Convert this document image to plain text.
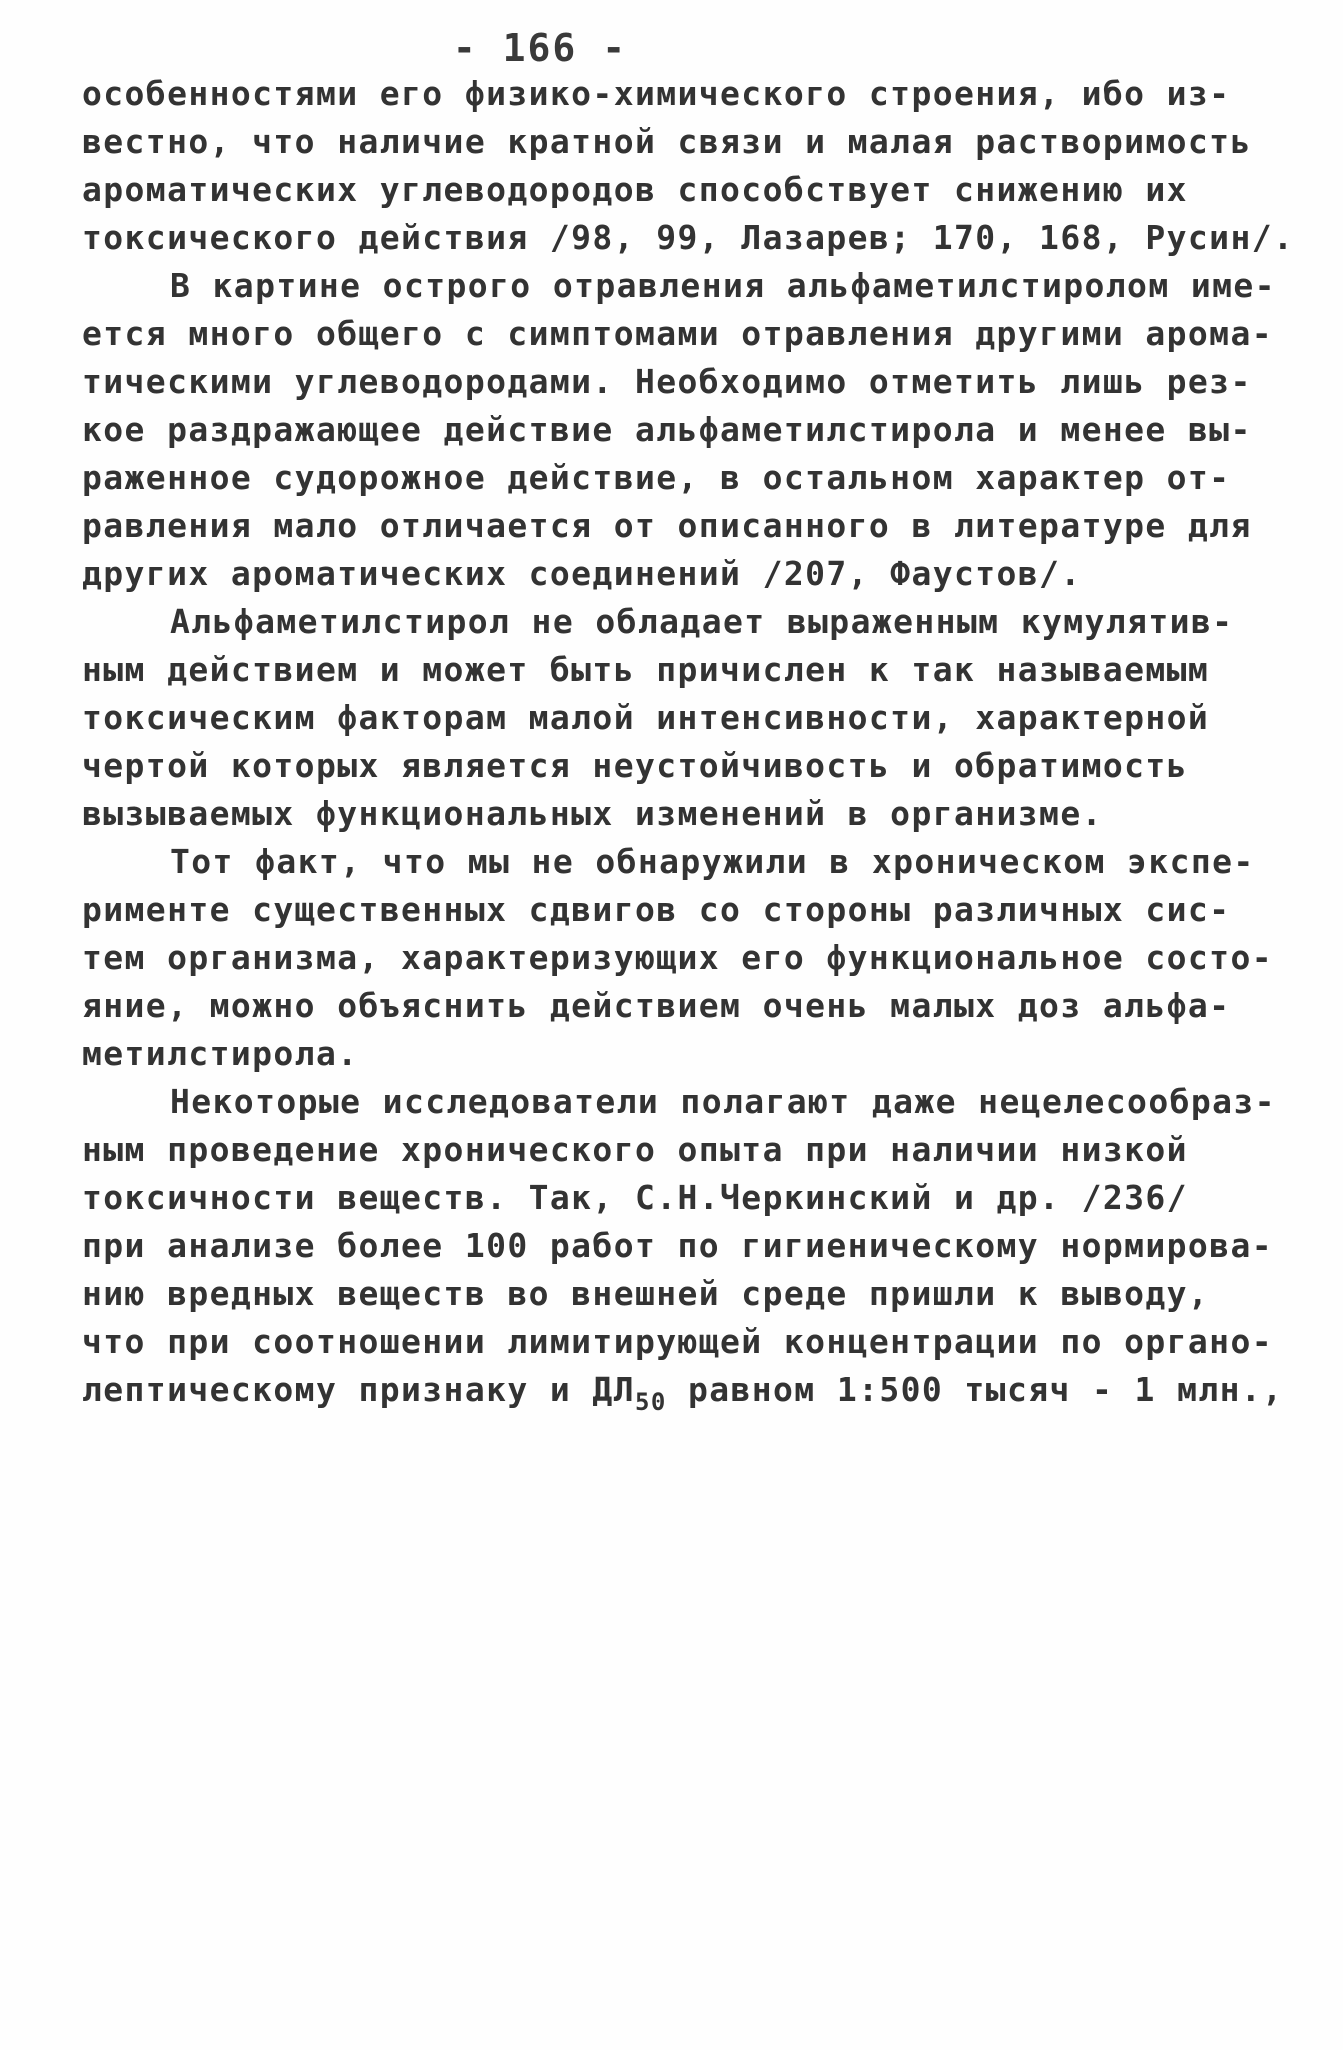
- 166 -
особенностями его физико-химического строения, ибо из-
вестно, что наличие кратной связи и малая растворимость
ароматических углеводородов способствует снижению их
токсического действия /98, 99, Лазарев; 170, 168, Русин/.
В картине острого отравления альфаметилстиролом име-
ется много общего с симптомами отравления другими арома-
тическими углеводородами. Необходимо отметить лишь рез-
кое раздражающее действие альфаметилстирола и менее вы-
раженное судорожное действие, в остальном характер от-
равления мало отличается от описанного в литературе для
других ароматических соединений /207, Фаустов/.
Альфаметилстирол не обладает выраженным кумулятив-
ным действием и может быть причислен к так называемым
токсическим факторам малой интенсивности, характерной
чертой которых является неустойчивость и обратимость
вызываемых функциональных изменений в организме.
Тот факт, что мы не обнаружили в хроническом экспе-
рименте существенных сдвигов со стороны различных сис-
тем организма, характеризующих его функциональное состо-
яние, можно объяснить действием очень малых доз альфа-
метилстирола.
Некоторые исследователи полагают даже нецелесообраз-
ным проведение хронического опыта при наличии низкой
токсичности веществ. Так, С.Н.Черкинский и др. /236/
при анализе более 100 работ по гигиеническому нормирова-
нию вредных веществ во внешней среде пришли к выводу,
что при соотношении лимитирующей концентрации по органо-
лептическому признаку и $ДЛ_{50}$ равном 1:500 тысяч - 1 млн.,
